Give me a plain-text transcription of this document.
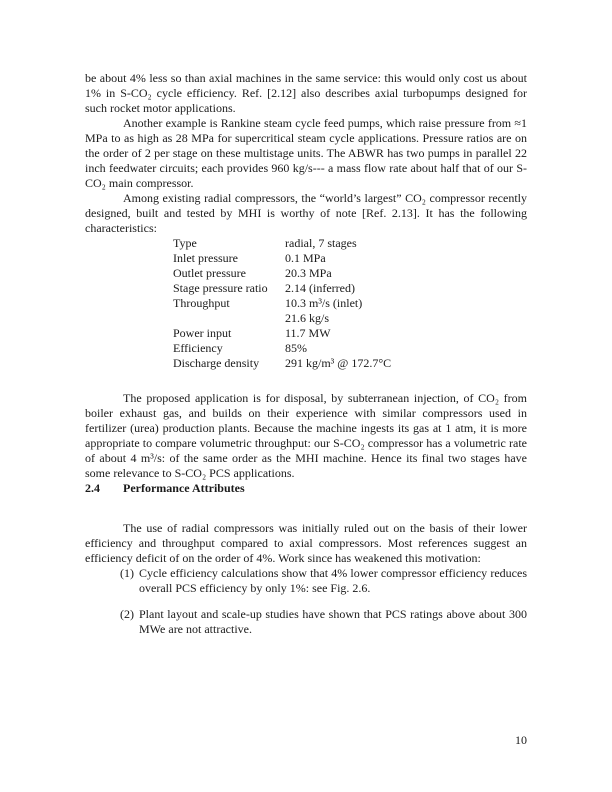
be about 4% less so than axial machines in the same service: this would only cost us about 1% in S-CO₂ cycle efficiency. Ref. [2.12] also describes axial turbopumps designed for such rocket motor applications.

Another example is Rankine steam cycle feed pumps, which raise pressure from ≈1 MPa to as high as 28 MPa for supercritical steam cycle applications. Pressure ratios are on the order of 2 per stage on these multistage units. The ABWR has two pumps in parallel 22 inch feedwater circuits; each provides 960 kg/s--- a mass flow rate about half that of our S-CO₂ main compressor.

Among existing radial compressors, the “world’s largest” CO₂ compressor recently designed, built and tested by MHI is worthy of note [Ref. 2.13]. It has the following characteristics:

Type	radial, 7 stages
Inlet pressure	0.1 MPa
Outlet pressure	20.3 MPa
Stage pressure ratio	2.14 (inferred)
Throughput	10.3 m³/s (inlet)
21.6 kg/s
Power input	11.7 MW
Efficiency	85%
Discharge density	291 kg/m³ @ 172.7°C

The proposed application is for disposal, by subterranean injection, of CO₂ from boiler exhaust gas, and builds on their experience with similar compressors used in fertilizer (urea) production plants. Because the machine ingests its gas at 1 atm, it is more appropriate to compare volumetric throughput: our S-CO₂ compressor has a volumetric rate of about 4 m³/s: of the same order as the MHI machine. Hence its final two stages have some relevance to S-CO₂ PCS applications.

2.4	Performance Attributes

The use of radial compressors was initially ruled out on the basis of their lower efficiency and throughput compared to axial compressors. Most references suggest an efficiency deficit of on the order of 4%. Work since has weakened this motivation:

(1) Cycle efficiency calculations show that 4% lower compressor efficiency reduces overall PCS efficiency by only 1%: see Fig. 2.6.
(2) Plant layout and scale-up studies have shown that PCS ratings above about 300 MWe are not attractive.
10
